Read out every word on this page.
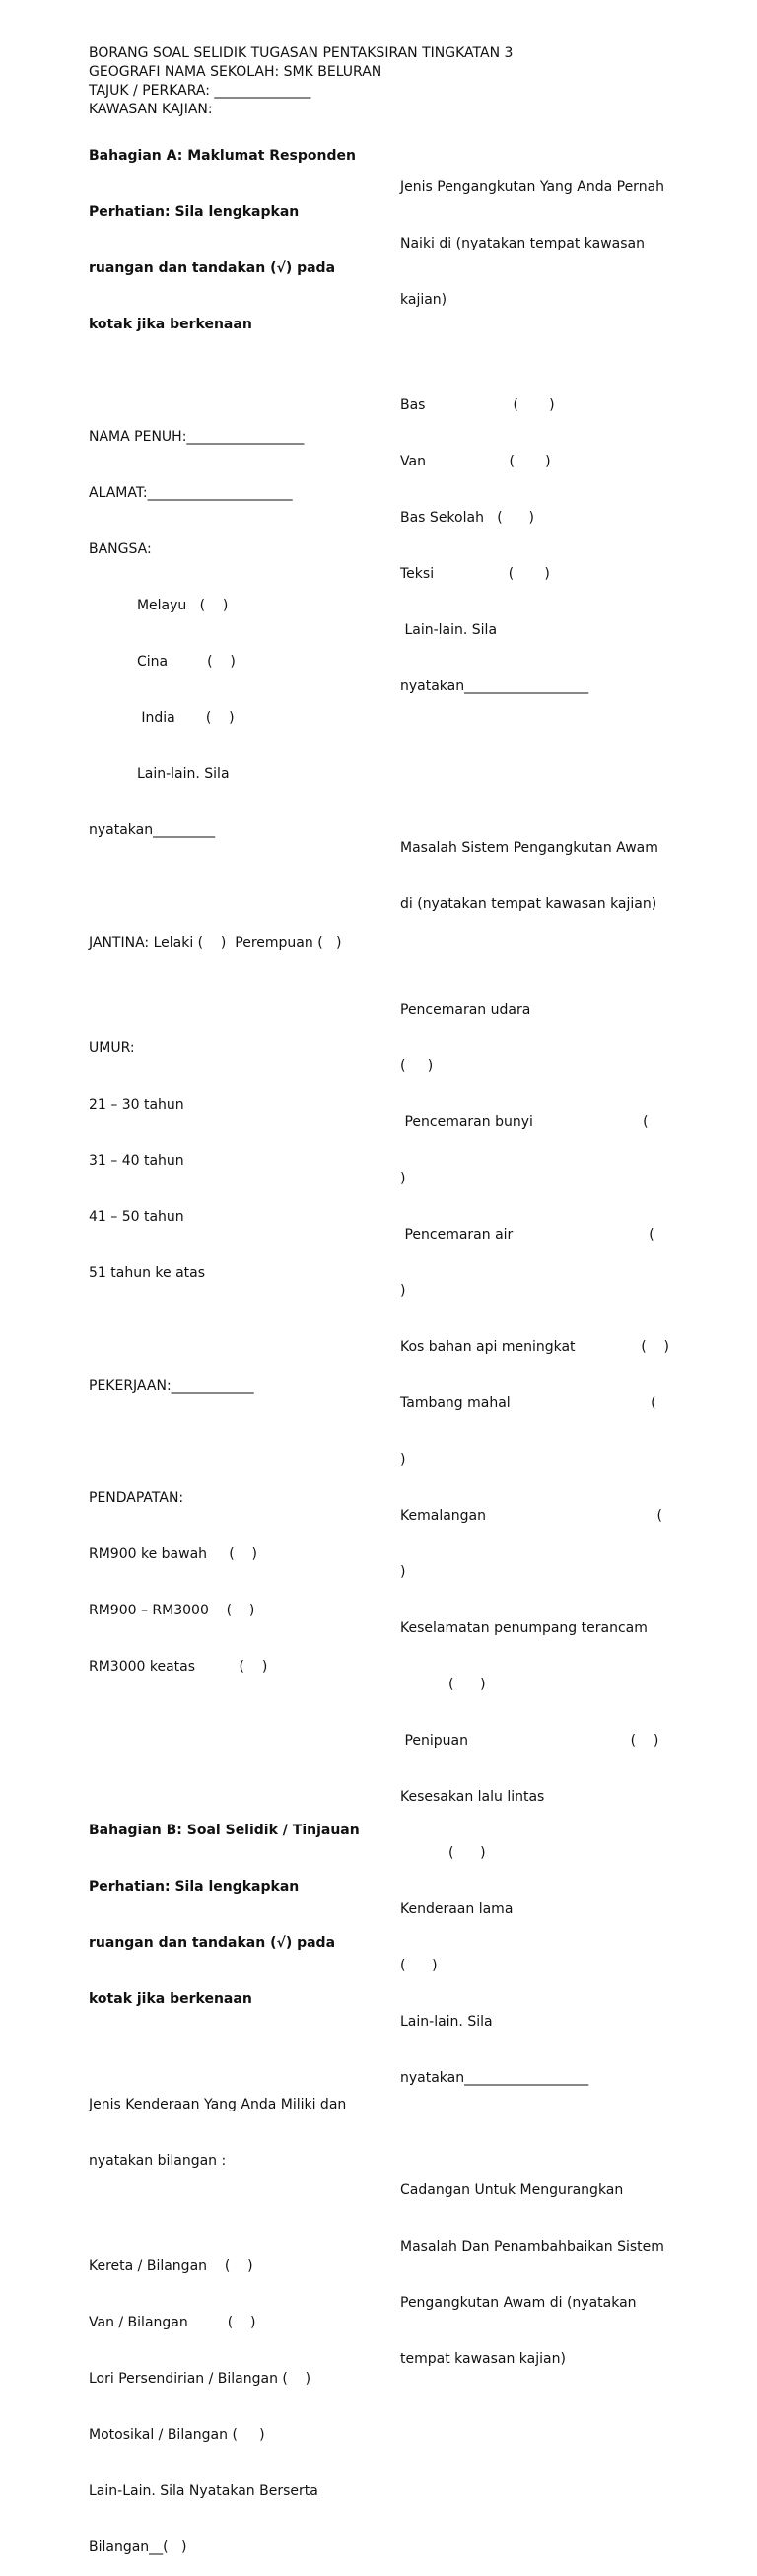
BORANG SOAL SELIDIK TUGASAN PENTAKSIRAN TINGKATAN 3
GEOGRAFI NAMA SEKOLAH: SMK BELURAN
TAJUK / PERKARA: ______________
KAWASAN KAJIAN:

Bahagian A: Maklumat Responden

Perhatian: Sila lengkapkan

ruangan dan tandakan (√) pada

kotak jika berkenaan

NAMA PENUH:_________________

ALAMAT:_____________________

BANGSA:

Melayu   (    )

Cina         (    )

India       (    )

Lain-lain. Sila

nyatakan_________

JANTINA: Lelaki (    )  Perempuan (   )

UMUR:

21 – 30 tahun

31 – 40 tahun

41 – 50 tahun

51 tahun ke atas

PEKERJAAN:____________

PENDAPATAN:

RM900 ke bawah     (    )

RM900 – RM3000    (    )

RM3000 keatas          (    )

Bahagian B: Soal Selidik / Tinjauan

Perhatian: Sila lengkapkan

ruangan dan tandakan (√) pada

kotak jika berkenaan

Jenis Kenderaan Yang Anda Miliki dan

nyatakan bilangan :

Kereta / Bilangan    (    )

Van / Bilangan         (    )

Lori Persendirian / Bilangan (    )

Motosikal / Bilangan (     )

Lain-Lain. Sila Nyatakan Berserta

Bilangan__(   )

Jenis Pengangkutan Yang Anda Pernah

Naiki di (nyatakan tempat kawasan

kajian)

Bas                    (       )

Van                   (       )

Bas Sekolah   (      )

Teksi                 (       )

Lain-lain. Sila

nyatakan__________________

Masalah Sistem Pengangkutan Awam

di (nyatakan tempat kawasan kajian)

Pencemaran udara

(     )

Pencemaran bunyi                         (

)

Pencemaran air                               (

)

Kos bahan api meningkat               (    )

Tambang mahal                                (

)

Kemalangan                                       (

)

Keselamatan penumpang terancam

(      )

Penipuan                                     (    )

Kesesakan lalu lintas

(      )

Kenderaan lama

(      )

Lain-lain. Sila

nyatakan__________________

Cadangan Untuk Mengurangkan

Masalah Dan Penambahbaikan Sistem

Pengangkutan Awam di (nyatakan

tempat kawasan kajian)
